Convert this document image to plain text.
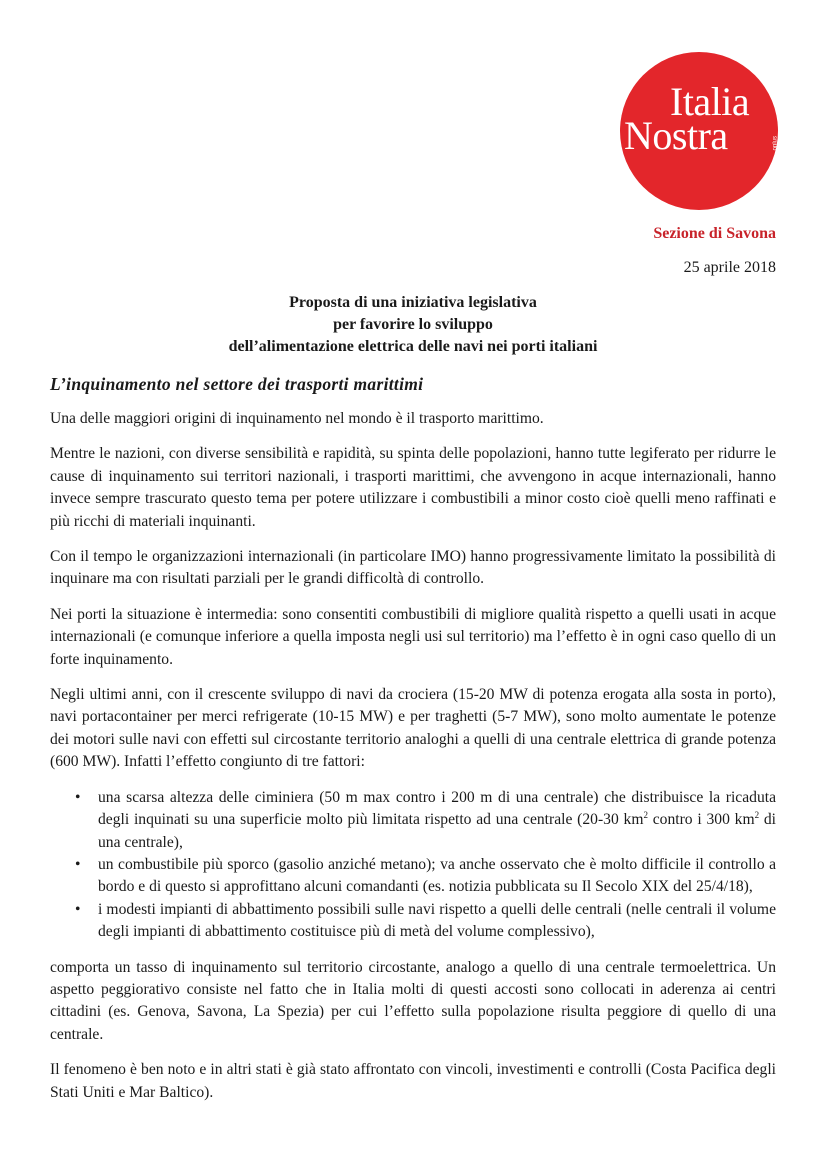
Italia
Nostra	onlus
Sezione di Savona
25 aprile 2018
Proposta di una iniziativa legislativa
per favorire lo sviluppo
dell’alimentazione elettrica delle navi nei porti italiani
L’inquinamento nel settore dei trasporti marittimi

Una delle maggiori origini di inquinamento nel mondo è il trasporto marittimo.

Mentre le nazioni, con diverse sensibilità e rapidità, su spinta delle popolazioni, hanno tutte legiferato per ridurre le cause di inquinamento sui territori nazionali, i trasporti marittimi, che avvengono in acque internazionali, hanno invece sempre trascurato questo tema per potere utilizzare i combustibili a minor costo cioè quelli meno raffinati e più ricchi di materiali inquinanti.

Con il tempo le organizzazioni internazionali (in particolare IMO) hanno progressivamente limitato la possibilità di inquinare ma con risultati parziali per le grandi difficoltà di controllo.

Nei porti la situazione è intermedia: sono consentiti combustibili di migliore qualità rispetto a quelli usati in acque internazionali (e comunque inferiore a quella imposta negli usi sul territorio) ma l’effetto è in ogni caso quello di un forte inquinamento.

Negli ultimi anni, con il crescente sviluppo di navi da crociera (15-20 MW di potenza erogata alla sosta in porto), navi portacontainer per merci refrigerate (10-15 MW) e per traghetti (5-7 MW), sono molto aumentate le potenze dei motori sulle navi con effetti sul circostante territorio analoghi a quelli di una centrale elettrica di grande potenza (600 MW). Infatti l’effetto congiunto di tre fattori:

• una scarsa altezza delle ciminiera (50 m max contro i 200 m di una centrale) che distribuisce la ricaduta degli inquinati su una superficie molto più limitata rispetto ad una centrale (20-30 $km^2$ contro i 300 $km^2$ di una centrale),
• un combustibile più sporco (gasolio anziché metano); va anche osservato che è molto difficile il controllo a bordo e di questo si approfittano alcuni comandanti (es. notizia pubblicata su Il Secolo XIX del 25/4/18),
• i modesti impianti di abbattimento possibili sulle navi rispetto a quelli delle centrali (nelle centrali il volume degli impianti di abbattimento costituisce più di metà del volume complessivo),

comporta un tasso di inquinamento sul territorio circostante, analogo a quello di una centrale termoelettrica. Un aspetto peggiorativo consiste nel fatto che in Italia molti di questi accosti sono collocati in aderenza ai centri cittadini (es. Genova, Savona, La Spezia) per cui l’effetto sulla popolazione risulta peggiore di quello di una centrale.

Il fenomeno è ben noto e in altri stati è già stato affrontato con vincoli, investimenti e controlli (Costa Pacifica degli Stati Uniti e Mar Baltico).
